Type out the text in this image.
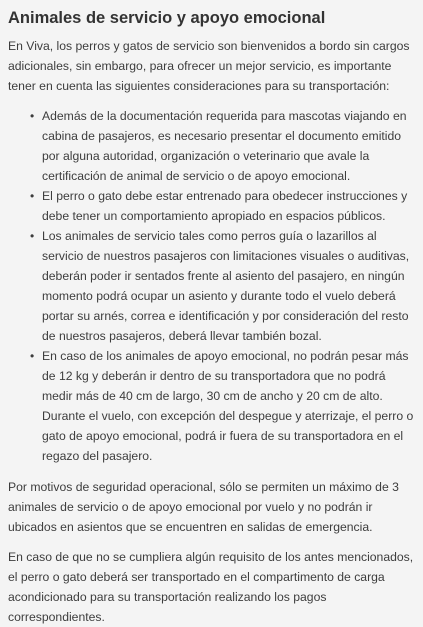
Animales de servicio y apoyo emocional

En Viva, los perros y gatos de servicio son bienvenidos a bordo sin cargos adicionales, sin embargo, para ofrecer un mejor servicio, es importante tener en cuenta las siguientes consideraciones para su transportación:

• Además de la documentación requerida para mascotas viajando en cabina de pasajeros, es necesario presentar el documento emitido por alguna autoridad, organización o veterinario que avale la certificación de animal de servicio o de apoyo emocional.
• El perro o gato debe estar entrenado para obedecer instrucciones y debe tener un comportamiento apropiado en espacios públicos.
• Los animales de servicio tales como perros guía o lazarillos al servicio de nuestros pasajeros con limitaciones visuales o auditivas, deberán poder ir sentados frente al asiento del pasajero, en ningún momento podrá ocupar un asiento y durante todo el vuelo deberá portar su arnés, correa e identificación y por consideración del resto de nuestros pasajeros, deberá llevar también bozal.
• En caso de los animales de apoyo emocional, no podrán pesar más de 12 kg y deberán ir dentro de su transportadora que no podrá medir más de 40 cm de largo, 30 cm de ancho y 20 cm de alto. Durante el vuelo, con excepción del despegue y aterrizaje, el perro o gato de apoyo emocional, podrá ir fuera de su transportadora en el regazo del pasajero.

Por motivos de seguridad operacional, sólo se permiten un máximo de 3 animales de servicio o de apoyo emocional por vuelo y no podrán ir ubicados en asientos que se encuentren en salidas de emergencia.

En caso de que no se cumpliera algún requisito de los antes mencionados, el perro o gato deberá ser transportado en el compartimento de carga acondicionado para su transportación realizando los pagos correspondientes.
